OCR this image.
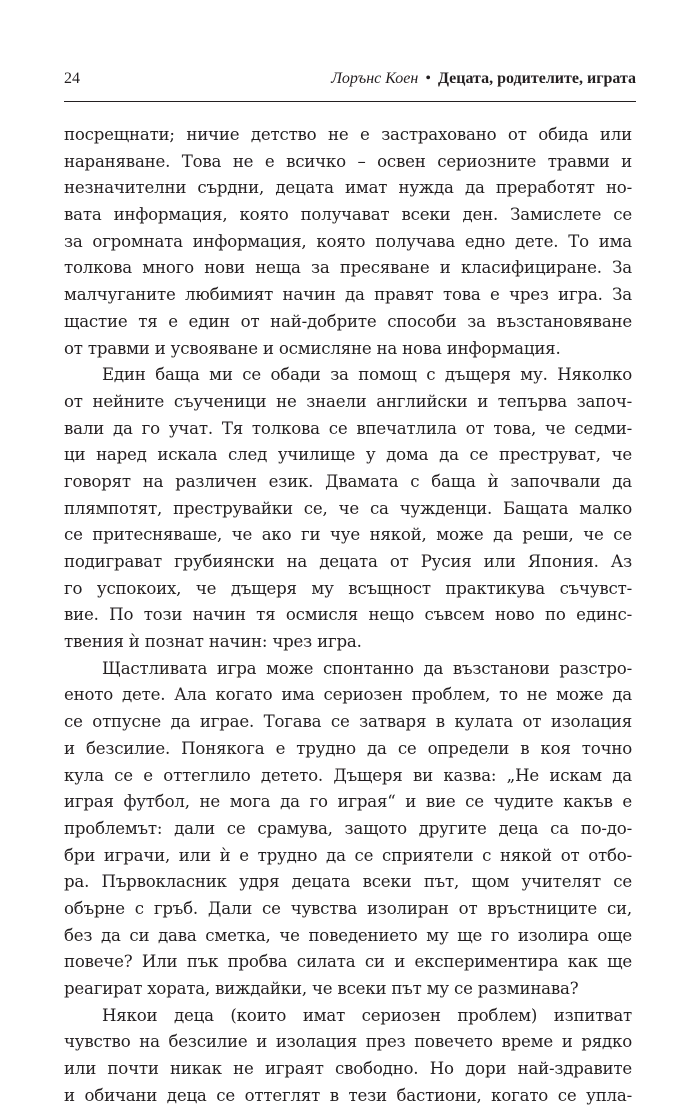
24	Лорънс Коен • Децата, родителите, играта
посрещнати; ничие детство не е застраховано от обида или
нараняване. Това не е всичко – освен сериозните травми и
незначителни сърдни, децата имат нужда да преработят но-
вата информация, която получават всеки ден. Замислете се
за огромната информация, която получава едно дете. То има
толкова много нови неща за пресяване и класифициране. За
малчуганите любимият начин да правят това е чрез игра. За
щастие тя е един от най-добрите способи за възстановяване
от травми и усвояване и осмисляне на нова информация.
Един баща ми се обади за помощ с дъщеря му. Няколко
от нейните съученици не знаели английски и тепърва започ-
вали да го учат. Тя толкова се впечатлила от това, че седми-
ци наред искала след училище у дома да се преструват, че
говорят на различен език. Двамата с баща ѝ започвали да
плямпотят, преструвайки се, че са чужденци. Бащата малко
се притесняваше, че ако ги чуе някой, може да реши, че се
подиграват грубиянски на децата от Русия или Япония. Аз
го успокоих, че дъщеря му всъщност практикува съчувст-
вие. По този начин тя осмисля нещо съвсем ново по единс-
твения ѝ познат начин: чрез игра.
Щастливата игра може спонтанно да възстанови разстро-
еното дете. Ала когато има сериозен проблем, то не може да
се отпусне да играе. Тогава се затваря в кулата от изолация
и безсилие. Понякога е трудно да се определи в коя точно
кула се е оттеглило детето. Дъщеря ви казва: „Не искам да
играя футбол, не мога да го играя“ и вие се чудите какъв е
проблемът: дали се срамува, защото другите деца са по-до-
бри играчи, или ѝ е трудно да се сприятели с някой от отбо-
ра. Първокласник удря децата всеки път, щом учителят се
обърне с гръб. Дали се чувства изолиран от връстниците си,
без да си дава сметка, че поведението му ще го изолира още
повече? Или пък пробва силата си и експериментира как ще
реагират хората, виждайки, че всеки път му се разминава?
Някои деца (които имат сериозен проблем) изпитват
чувство на безсилие и изолация през повечето време и рядко
или почти никак не играят свободно. Но дори най-здравите
и обичани деца се оттеглят в тези бастиони, когато се упла-
